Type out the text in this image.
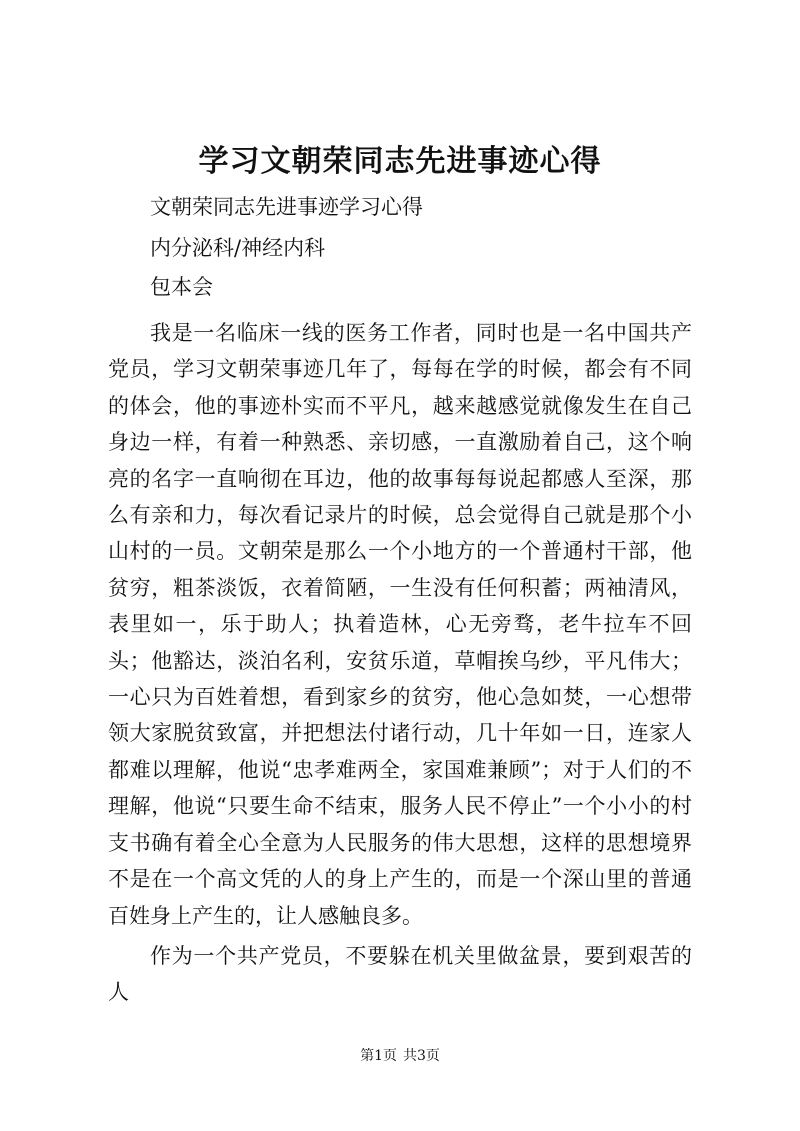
学习文朝荣同志先进事迹心得
文朝荣同志先进事迹学习心得
内分泌科/神经内科
包本会

我是一名临床一线的医务工作者，同时也是一名中国共产党员，学习文朝荣事迹几年了，每每在学的时候，都会有不同的体会，他的事迹朴实而不平凡，越来越感觉就像发生在自己身边一样，有着一种熟悉、亲切感，一直激励着自己，这个响亮的名字一直响彻在耳边，他的故事每每说起都感人至深，那么有亲和力，每次看记录片的时候，总会觉得自己就是那个小山村的一员。文朝荣是那么一个小地方的一个普通村干部，他贫穷，粗茶淡饭，衣着简陋，一生没有任何积蓄；两袖清风，表里如一，乐于助人；执着造林，心无旁骛，老牛拉车不回头；他豁达，淡泊名利，安贫乐道，草帽挨乌纱，平凡伟大；一心只为百姓着想，看到家乡的贫穷，他心急如焚，一心想带领大家脱贫致富，并把想法付诸行动，几十年如一日，连家人都难以理解，他说“忠孝难两全，家国难兼顾”；对于人们的不理解，他说“只要生命不结束，服务人民不停止”一个小小的村支书确有着全心全意为人民服务的伟大思想，这样的思想境界不是在一个高文凭的人的身上产生的，而是一个深山里的普通百姓身上产生的，让人感触良多。

作为一个共产党员，不要躲在机关里做盆景，要到艰苦的人

第1页 共3页
